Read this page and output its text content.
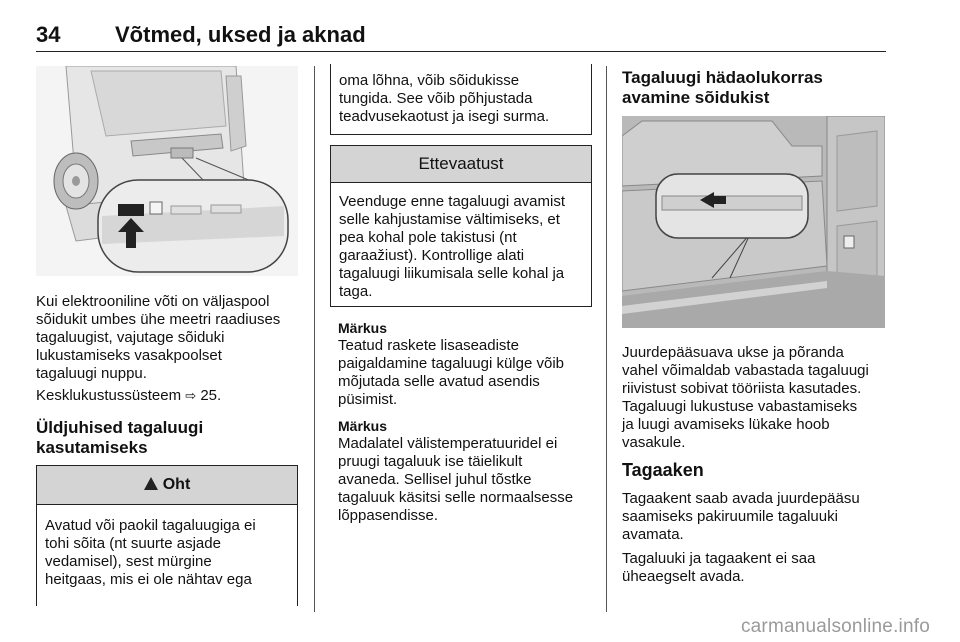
34 Võtmed, uksed ja aknad
Kui elektrooniline võti on väljaspool
sõidukit umbes ühe meetri raadiuses
tagaluugist, vajutage sõiduki
lukustamiseks vasakpoolset
tagaluugi nuppu.
Kesklukustussüsteem ⇨ 25.
Üldjuhised tagaluugi
kasutamiseks
Oht
Avatud või paokil tagaluugiga ei
tohi sõita (nt suurte asjade
vedamisel), sest mürgine
heitgaas, mis ei ole nähtav ega
oma lõhna, võib sõidukisse
tungida. See võib põhjustada
teadvusekaotust ja isegi surma.
Ettevaatust
Veenduge enne tagaluugi avamist
selle kahjustamise vältimiseks, et
pea kohal pole takistusi (nt
garaažiust). Kontrollige alati
tagaluugi liikumisala selle kohal ja
taga.
Märkus
Teatud raskete lisaseadiste
paigaldamine tagaluugi külge võib
mõjutada selle avatud asendis
püsimist.
Märkus
Madalatel välistemperatuuridel ei
pruugi tagaluuk ise täielikult
avaneda. Sellisel juhul tõstke
tagaluuk käsitsi selle normaalsesse
lõppasendisse.
Tagaluugi hädaolukorras
avamine sõidukist
Juurdepääsuava ukse ja põranda
vahel võimaldab vabastada tagaluugi
riivistust sobivat tööriista kasutades.
Tagaluugi lukustuse vabastamiseks
ja luugi avamiseks lükake hoob
vasakule.
Tagaaken
Tagaakent saab avada juurdepääsu
saamiseks pakiruumile tagaluuki
avamata.
Tagaluuki ja tagaakent ei saa
üheaegselt avada.
carmanualsonline.info
